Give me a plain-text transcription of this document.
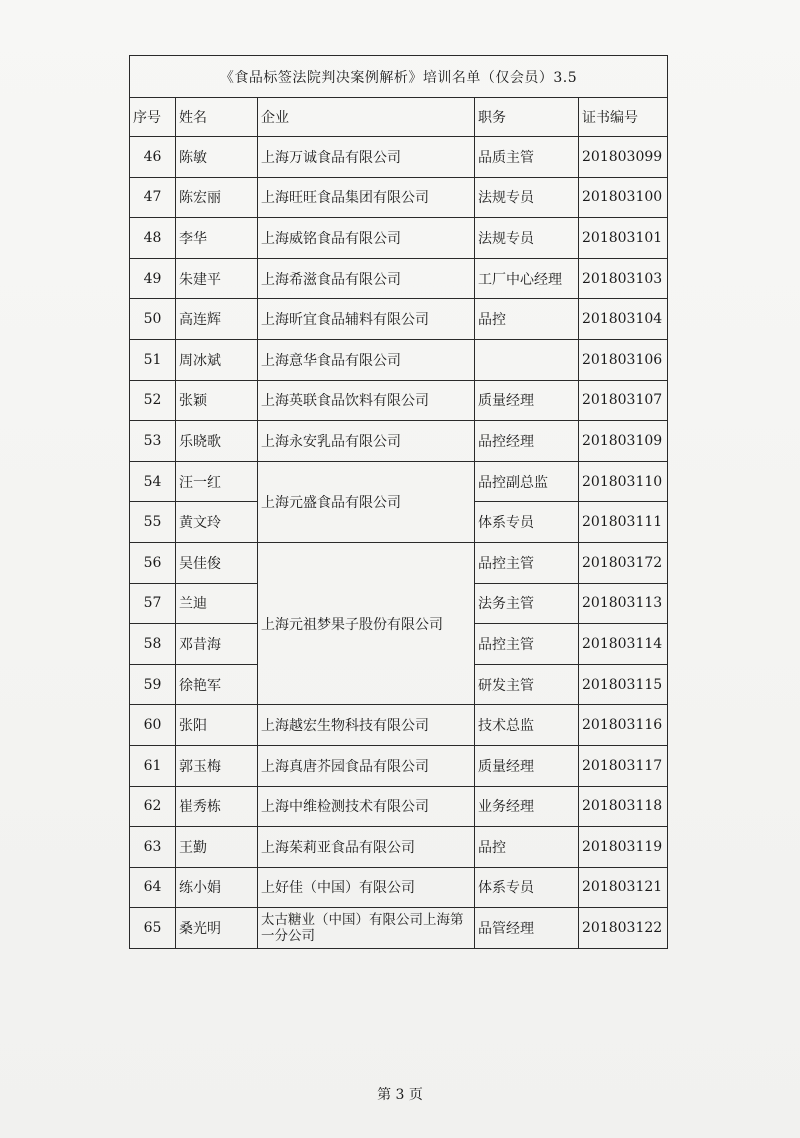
《食品标签法院判决案例解析》培训名单（仅会员）3.5				
序号	姓名	企业	职务	证书编号
46	陈敏	上海万诚食品有限公司	品质主管	201803099
47	陈宏丽	上海旺旺食品集团有限公司	法规专员	201803100
48	李华	上海威铭食品有限公司	法规专员	201803101
49	朱建平	上海希滋食品有限公司	工厂中心经理	201803103
50	高连辉	上海昕宜食品辅料有限公司	品控	201803104
51	周冰斌	上海意华食品有限公司		201803106
52	张颖	上海英联食品饮料有限公司	质量经理	201803107
53	乐晓歌	上海永安乳品有限公司	品控经理	201803109
54	汪一红	上海元盛食品有限公司	品控副总监	201803110
55	黄文玲		体系专员	201803111
56	吴佳俊	上海元祖梦果子股份有限公司	品控主管	201803172
57	兰迪		法务主管	201803113
58	邓昔海		品控主管	201803114
59	徐艳军		研发主管	201803115
60	张阳	上海越宏生物科技有限公司	技术总监	201803116
61	郭玉梅	上海真唐芥园食品有限公司	质量经理	201803117
62	崔秀栋	上海中维检测技术有限公司	业务经理	201803118
63	王勤	上海茱莉亚食品有限公司	品控	201803119
64	练小娟	上好佳（中国）有限公司	体系专员	201803121
65	桑光明	太古糖业（中国）有限公司上海第一分公司	品管经理	201803122
第 3 页
